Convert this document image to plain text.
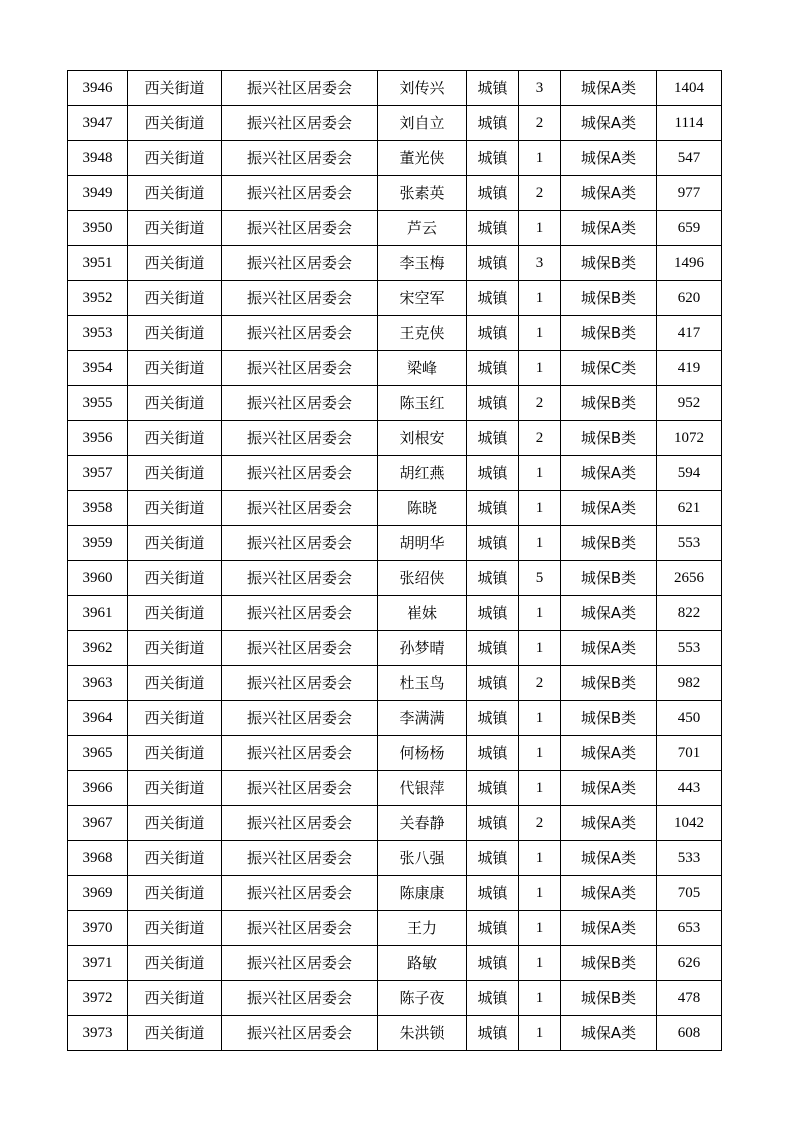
3946	西关街道	振兴社区居委会	刘传兴	城镇	3	城保A类	1404
3947	西关街道	振兴社区居委会	刘自立	城镇	2	城保A类	1114
3948	西关街道	振兴社区居委会	董光侠	城镇	1	城保A类	547
3949	西关街道	振兴社区居委会	张素英	城镇	2	城保A类	977
3950	西关街道	振兴社区居委会	芦云	城镇	1	城保A类	659
3951	西关街道	振兴社区居委会	李玉梅	城镇	3	城保B类	1496
3952	西关街道	振兴社区居委会	宋空军	城镇	1	城保B类	620
3953	西关街道	振兴社区居委会	王克侠	城镇	1	城保B类	417
3954	西关街道	振兴社区居委会	梁峰	城镇	1	城保C类	419
3955	西关街道	振兴社区居委会	陈玉红	城镇	2	城保B类	952
3956	西关街道	振兴社区居委会	刘根安	城镇	2	城保B类	1072
3957	西关街道	振兴社区居委会	胡红燕	城镇	1	城保A类	594
3958	西关街道	振兴社区居委会	陈晓	城镇	1	城保A类	621
3959	西关街道	振兴社区居委会	胡明华	城镇	1	城保B类	553
3960	西关街道	振兴社区居委会	张绍侠	城镇	5	城保B类	2656
3961	西关街道	振兴社区居委会	崔妹	城镇	1	城保A类	822
3962	西关街道	振兴社区居委会	孙梦晴	城镇	1	城保A类	553
3963	西关街道	振兴社区居委会	杜玉鸟	城镇	2	城保B类	982
3964	西关街道	振兴社区居委会	李满满	城镇	1	城保B类	450
3965	西关街道	振兴社区居委会	何杨杨	城镇	1	城保A类	701
3966	西关街道	振兴社区居委会	代银萍	城镇	1	城保A类	443
3967	西关街道	振兴社区居委会	关春静	城镇	2	城保A类	1042
3968	西关街道	振兴社区居委会	张八强	城镇	1	城保A类	533
3969	西关街道	振兴社区居委会	陈康康	城镇	1	城保A类	705
3970	西关街道	振兴社区居委会	王力	城镇	1	城保A类	653
3971	西关街道	振兴社区居委会	路敏	城镇	1	城保B类	626
3972	西关街道	振兴社区居委会	陈子夜	城镇	1	城保B类	478
3973	西关街道	振兴社区居委会	朱洪锁	城镇	1	城保A类	608
